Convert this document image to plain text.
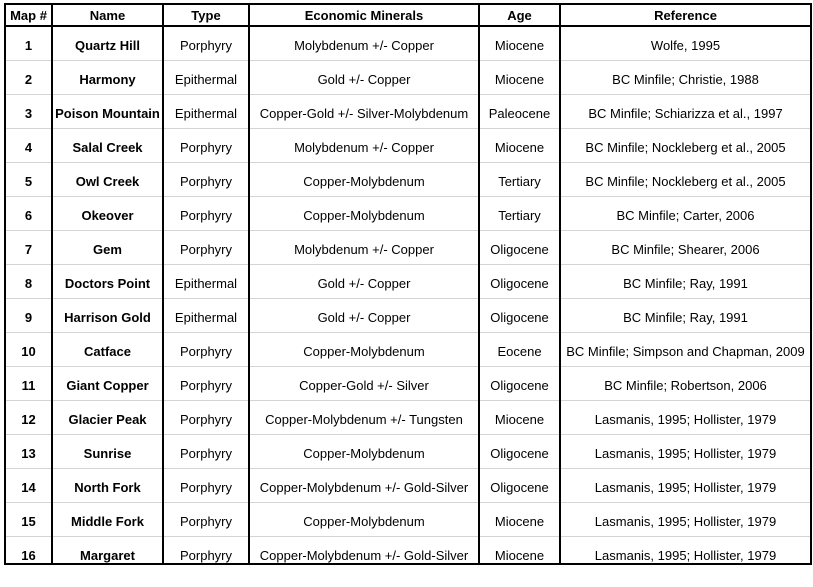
Map #	Name	Type	Economic Minerals	Age	Reference

1	Quartz Hill	Porphyry	Molybdenum +/- Copper	Miocene	Wolfe, 1995

2	Harmony	Epithermal	Gold +/- Copper	Miocene	BC Minfile; Christie, 1988

3	Poison Mountain	Epithermal	Copper-Gold +/- Silver-Molybdenum	Paleocene	BC Minfile; Schiarizza et al., 1997

4	Salal Creek	Porphyry	Molybdenum +/- Copper	Miocene	BC Minfile; Nockleberg et al., 2005

5	Owl Creek	Porphyry	Copper-Molybdenum	Tertiary	BC Minfile; Nockleberg et al., 2005

6	Okeover	Porphyry	Copper-Molybdenum	Tertiary	BC Minfile; Carter, 2006

7	Gem	Porphyry	Molybdenum +/- Copper	Oligocene	BC Minfile; Shearer, 2006

8	Doctors Point	Epithermal	Gold +/- Copper	Oligocene	BC Minfile; Ray, 1991

9	Harrison Gold	Epithermal	Gold +/- Copper	Oligocene	BC Minfile; Ray, 1991

10	Catface	Porphyry	Copper-Molybdenum	Eocene	BC Minfile; Simpson and Chapman, 2009

11	Giant Copper	Porphyry	Copper-Gold +/- Silver	Oligocene	BC Minfile; Robertson, 2006

12	Glacier Peak	Porphyry	Copper-Molybdenum +/- Tungsten	Miocene	Lasmanis, 1995; Hollister, 1979

13	Sunrise	Porphyry	Copper-Molybdenum	Oligocene	Lasmanis, 1995; Hollister, 1979

14	North Fork	Porphyry	Copper-Molybdenum +/- Gold-Silver	Oligocene	Lasmanis, 1995; Hollister, 1979

15	Middle Fork	Porphyry	Copper-Molybdenum	Miocene	Lasmanis, 1995; Hollister, 1979

16	Margaret	Porphyry	Copper-Molybdenum +/- Gold-Silver	Miocene	Lasmanis, 1995; Hollister, 1979
